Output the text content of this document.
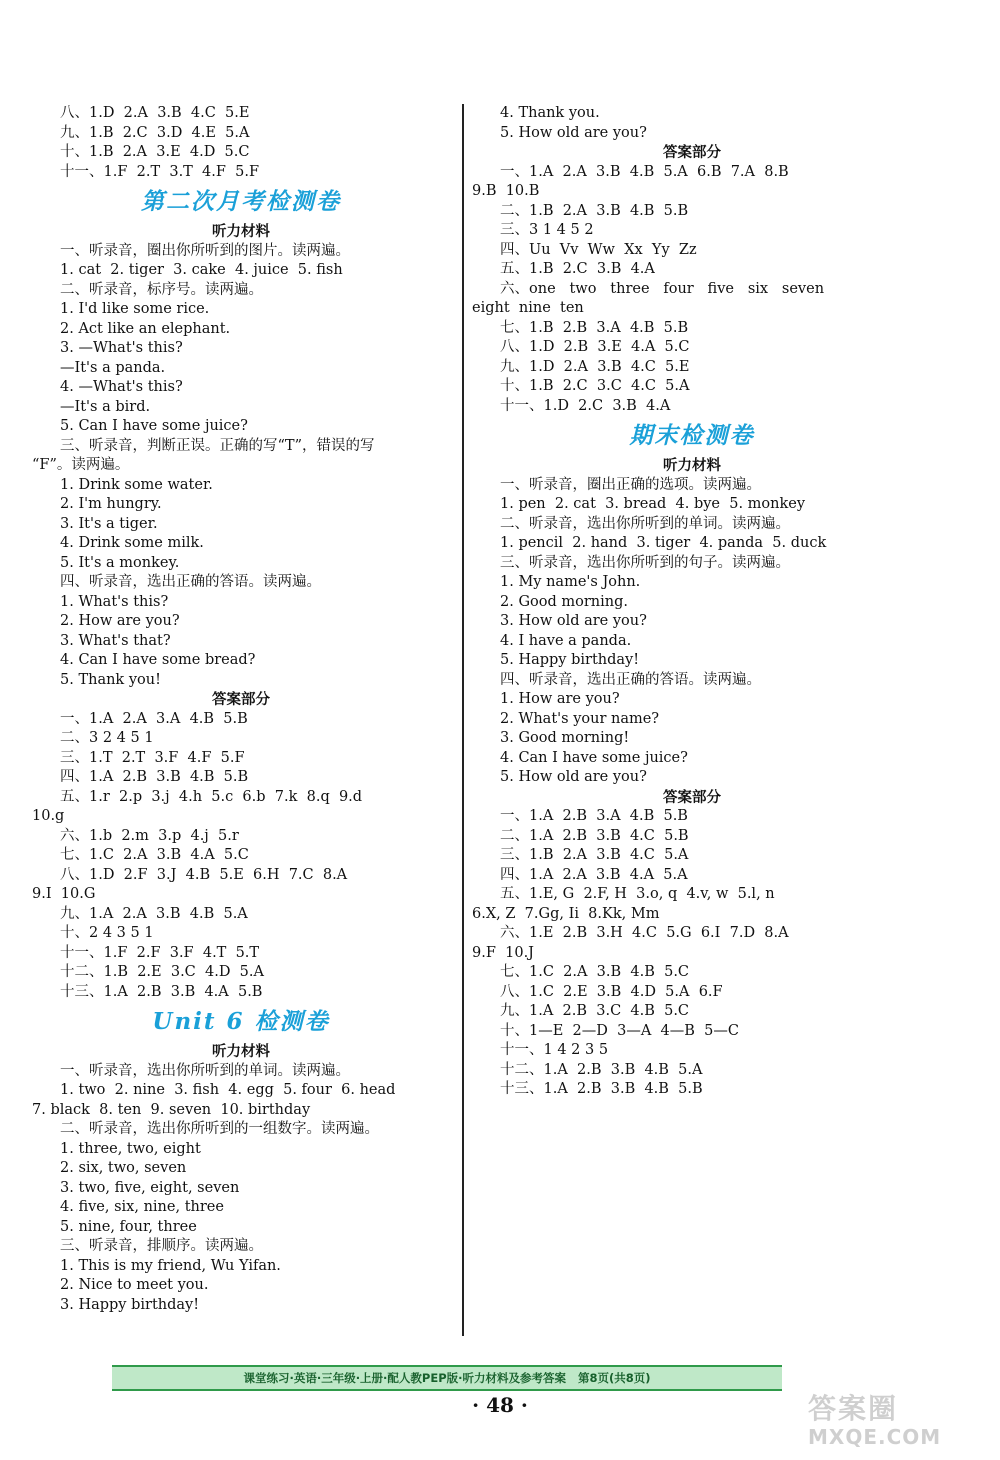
八、1.D  2.A  3.B  4.C  5.E
九、1.B  2.C  3.D  4.E  5.A
十、1.B  2.A  3.E  4.D  5.C
十一、1.F  2.T  3.T  4.F  5.F
第二次月考检测卷
听力材料
一、听录音，圈出你所听到的图片。读两遍。
1. cat  2. tiger  3. cake  4. juice  5. fish
二、听录音，标序号。读两遍。
1. I'd like some rice.
2. Act like an elephant.
3. —What's this?
—It's a panda.
4. —What's this?
—It's a bird.
5. Can I have some juice?
三、听录音，判断正误。正确的写“T”，错误的写
“F”。读两遍。
1. Drink some water.
2. I'm hungry.
3. It's a tiger.
4. Drink some milk.
5. It's a monkey.
四、听录音，选出正确的答语。读两遍。
1. What's this?
2. How are you?
3. What's that?
4. Can I have some bread?
5. Thank you!
答案部分
一、1.A  2.A  3.A  4.B  5.B
二、3 2 4 5 1
三、1.T  2.T  3.F  4.F  5.F
四、1.A  2.B  3.B  4.B  5.B
五、1.r  2.p  3.j  4.h  5.c  6.b  7.k  8.q  9.d
10.g
六、1.b  2.m  3.p  4.j  5.r
七、1.C  2.A  3.B  4.A  5.C
八、1.D  2.F  3.J  4.B  5.E  6.H  7.C  8.A
9.I  10.G
九、1.A  2.A  3.B  4.B  5.A
十、2 4 3 5 1
十一、1.F  2.F  3.F  4.T  5.T
十二、1.B  2.E  3.C  4.D  5.A
十三、1.A  2.B  3.B  4.A  5.B
Unit 6 检测卷
听力材料
一、听录音，选出你所听到的单词。读两遍。
1. two  2. nine  3. fish  4. egg  5. four  6. head
7. black  8. ten  9. seven  10. birthday
二、听录音，选出你所听到的一组数字。读两遍。
1. three, two, eight
2. six, two, seven
3. two, five, eight, seven
4. five, six, nine, three
5. nine, four, three
三、听录音，排顺序。读两遍。
1. This is my friend, Wu Yifan.
2. Nice to meet you.
3. Happy birthday!
4. Thank you.
5. How old are you?
答案部分
一、1.A  2.A  3.B  4.B  5.A  6.B  7.A  8.B
9.B  10.B
二、1.B  2.A  3.B  4.B  5.B
三、3 1 4 5 2
四、Uu  Vv  Ww  Xx  Yy  Zz
五、1.B  2.C  3.B  4.A
六、one   two   three   four   five   six   seven
eight  nine  ten
七、1.B  2.B  3.A  4.B  5.B
八、1.D  2.B  3.E  4.A  5.C
九、1.D  2.A  3.B  4.C  5.E
十、1.B  2.C  3.C  4.C  5.A
十一、1.D  2.C  3.B  4.A
期末检测卷
听力材料
一、听录音，圈出正确的选项。读两遍。
1. pen  2. cat  3. bread  4. bye  5. monkey
二、听录音，选出你所听到的单词。读两遍。
1. pencil  2. hand  3. tiger  4. panda  5. duck
三、听录音，选出你所听到的句子。读两遍。
1. My name's John.
2. Good morning.
3. How old are you?
4. I have a panda.
5. Happy birthday!
四、听录音，选出正确的答语。读两遍。
1. How are you?
2. What's your name?
3. Good morning!
4. Can I have some juice?
5. How old are you?
答案部分
一、1.A  2.B  3.A  4.B  5.B
二、1.A  2.B  3.B  4.C  5.B
三、1.B  2.A  3.B  4.C  5.A
四、1.A  2.A  3.B  4.A  5.A
五、1.E, G  2.F, H  3.o, q  4.v, w  5.l, n
6.X, Z  7.Gg, Ii  8.Kk, Mm
六、1.E  2.B  3.H  4.C  5.G  6.I  7.D  8.A
9.F  10.J
七、1.C  2.A  3.B  4.B  5.C
八、1.C  2.E  3.B  4.D  5.A  6.F
九、1.A  2.B  3.C  4.B  5.C
十、1—E  2—D  3—A  4—B  5—C
十一、1 4 2 3 5
十二、1.A  2.B  3.B  4.B  5.A
十三、1.A  2.B  3.B  4.B  5.B
课堂练习·英语·三年级·上册·配人教PEP版·听力材料及参考答案   第8页(共8页)
· 48 ·	答案圈
MXQE.COM
